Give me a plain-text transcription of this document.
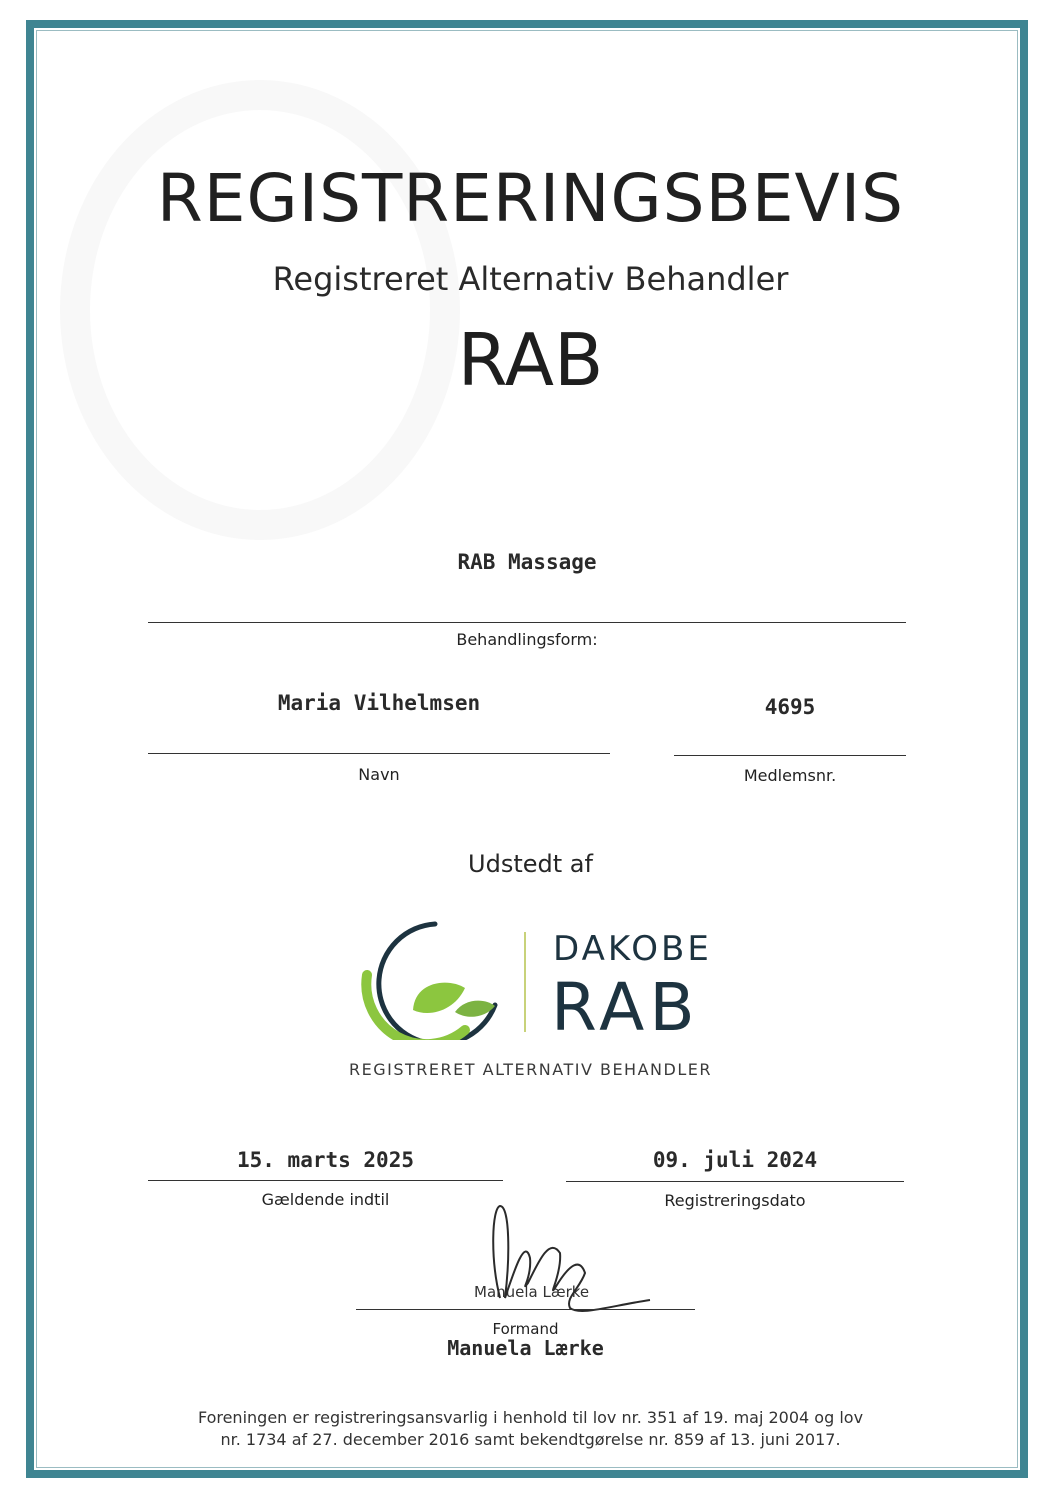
REGISTRERINGSBEVIS
Registreret Alternativ Behandler
RAB
RAB Massage
Behandlingsform:
Maria Vilhelmsen
Navn
4695
Medlemsnr.
Udstedt af
DAKOBE
RAB
REGISTRERET ALTERNATIV BEHANDLER
15. marts 2025
Gældende indtil
09. juli 2024
Registreringsdato
Manuela Lærke
Formand
Manuela Lærke
Foreningen er registreringsansvarlig i henhold til lov nr. 351 af 19. maj 2004 og lov
nr. 1734 af 27. december 2016 samt bekendtgørelse nr. 859 af 13. juni 2017.
